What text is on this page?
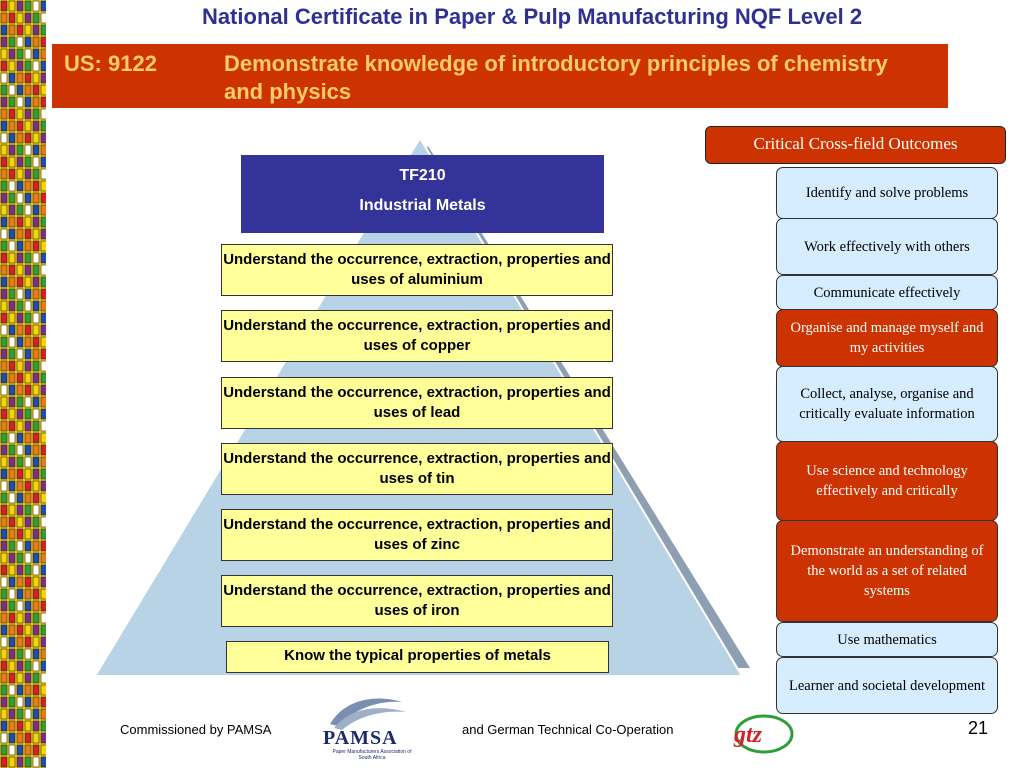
National Certificate in Paper & Pulp Manufacturing NQF Level 2
US: 9122	Demonstrate knowledge of introductory principles of chemistry and physics
TF210
Industrial Metals
Understand the occurrence, extraction, properties and uses of aluminium
Understand the occurrence, extraction, properties and uses of copper
Understand the occurrence, extraction, properties and uses of lead
Understand the occurrence, extraction, properties and uses of tin
Understand the occurrence, extraction, properties and uses of zinc
Understand the occurrence, extraction, properties and uses of iron
Know the typical properties of metals
Critical Cross-field Outcomes
Identify and solve problems
Work effectively with others
Communicate effectively
Organise and manage myself and my activities
Collect, analyse, organise and critically evaluate information
Use science and technology effectively and critically
Demonstrate an understanding of the world as a set of related systems
Use mathematics
Learner and societal development
Commissioned by PAMSA	PAMSA
Paper Manufacturers Association of South Africa
and German Technical Co-Operation	gtz	21
